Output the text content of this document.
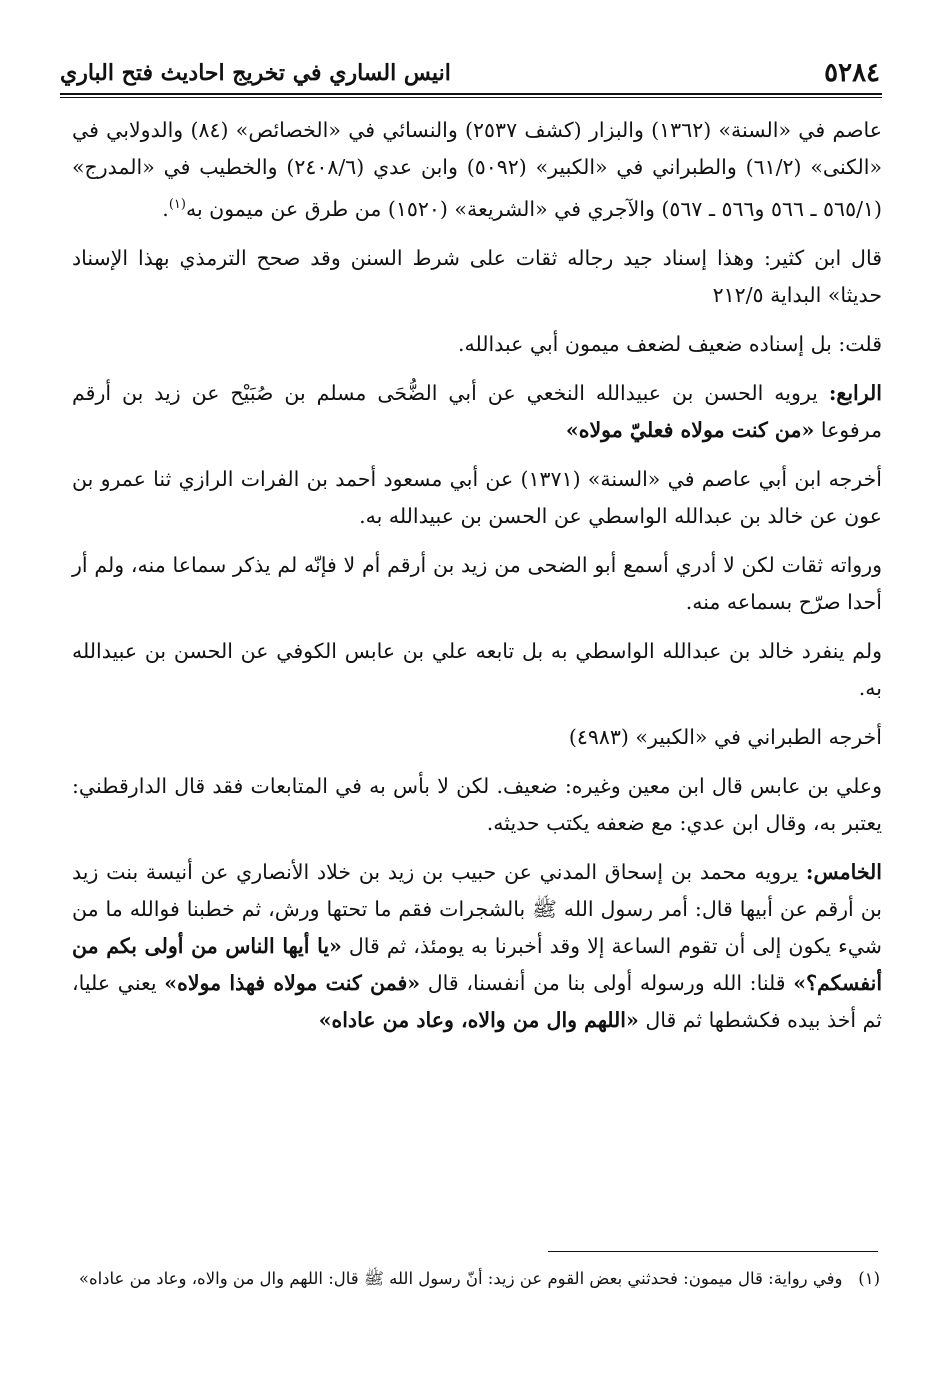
٥٢٨٤
انيس الساري في تخريج احاديث فتح الباري

عاصم في «السنة» (١٣٦٢) والبزار (كشف ٢٥٣٧) والنسائي في «الخصائص» (٨٤) والدولابي في «الكنى» (٦١/٢) والطبراني في «الكبير» (٥٠٩٢) وابن عدي (٢٤٠٨/٦) والخطيب في «المدرج» (٥٦٥/١ ـ ٥٦٦ و٥٦٦ ـ ٥٦٧) والآجري في «الشريعة» (١٥٢٠) من طرق عن ميمون به$^{(١)}$.

قال ابن كثير: وهذا إسناد جيد رجاله ثقات على شرط السنن وقد صحح الترمذي بهذا الإسناد حديثا» البداية ٢١٢/٥

قلت: بل إسناده ضعيف لضعف ميمون أبي عبدالله.

الرابع: يرويه الحسن بن عبيدالله النخعي عن أبي الضُّحَى مسلم بن صُبَيْح عن زيد بن أرقم مرفوعا «من كنت مولاه فعليّ مولاه»

أخرجه ابن أبي عاصم في «السنة» (١٣٧١) عن أبي مسعود أحمد بن الفرات الرازي ثنا عمرو بن عون عن خالد بن عبدالله الواسطي عن الحسن بن عبيدالله به.

ورواته ثقات لكن لا أدري أسمع أبو الضحى من زيد بن أرقم أم لا فإنّه لم يذكر سماعا منه، ولم أر أحدا صرّح بسماعه منه.

ولم ينفرد خالد بن عبدالله الواسطي به بل تابعه علي بن عابس الكوفي عن الحسن بن عبيدالله به.

أخرجه الطبراني في «الكبير» (٤٩٨٣)

وعلي بن عابس قال ابن معين وغيره: ضعيف. لكن لا بأس به في المتابعات فقد قال الدارقطني: يعتبر به، وقال ابن عدي: مع ضعفه يكتب حديثه.

الخامس: يرويه محمد بن إسحاق المدني عن حبيب بن زيد بن خلاد الأنصاري عن أنيسة بنت زيد بن أرقم عن أبيها قال: أمر رسول الله ﷺ بالشجرات فقم ما تحتها ورش، ثم خطبنا فوالله ما من شيء يكون إلى أن تقوم الساعة إلا وقد أخبرنا به يومئذ، ثم قال «يا أيها الناس من أولى بكم من أنفسكم؟» قلنا: الله ورسوله أولى بنا من أنفسنا، قال «فمن كنت مولاه فهذا مولاه» يعني عليا، ثم أخذ بيده فكشطها ثم قال «اللهم وال من والاه، وعاد من عاداه»

(١)   وفي رواية: قال ميمون: فحدثني بعض القوم عن زيد: أنّ رسول الله ﷺ قال: اللهم وال من والاه، وعاد من عاداه»
